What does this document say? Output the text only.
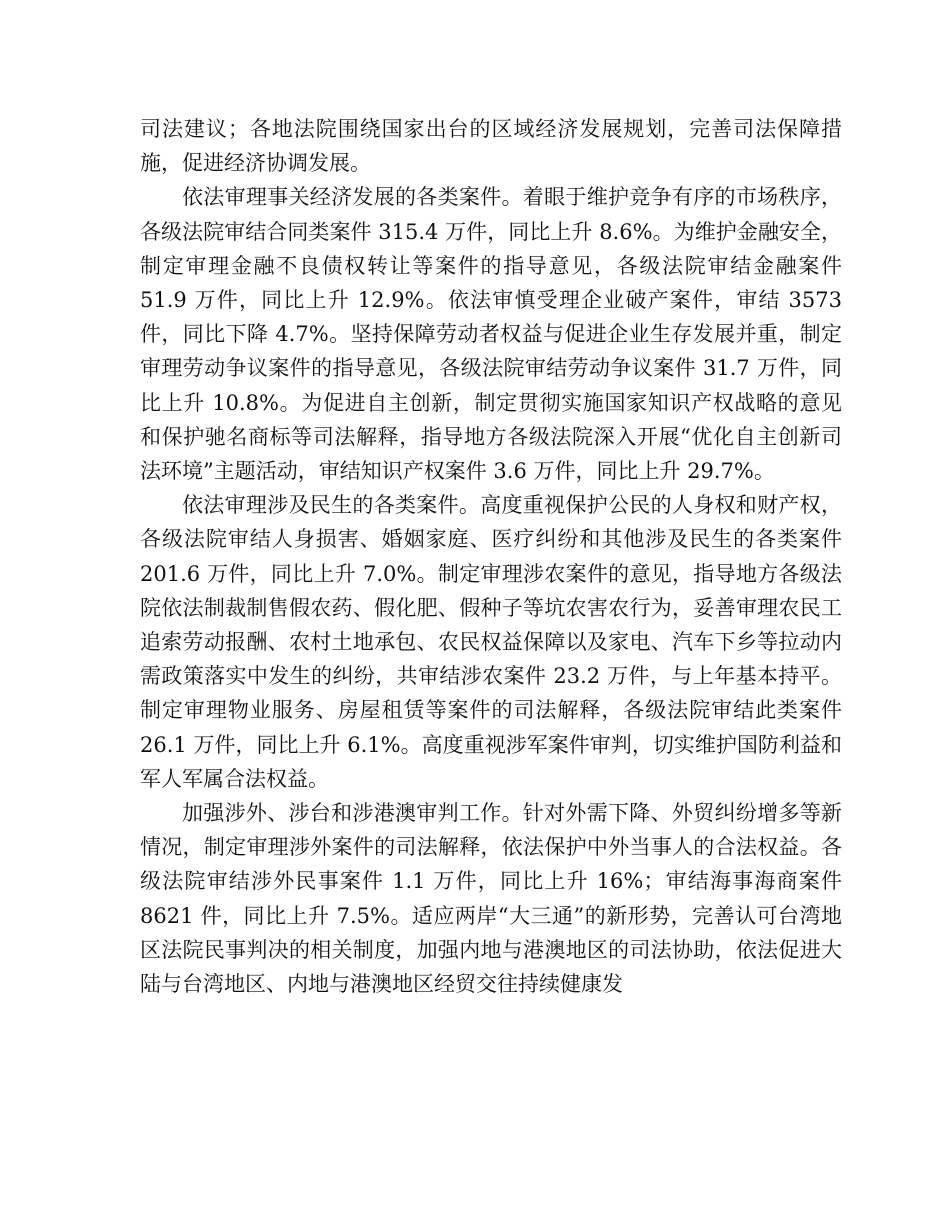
司法建议；各地法院围绕国家出台的区域经济发展规划，完善司法保障措施，促进经济协调发展。

依法审理事关经济发展的各类案件。着眼于维护竞争有序的市场秩序，各级法院审结合同类案件 315.4 万件，同比上升 8.6%。为维护金融安全，制定审理金融不良债权转让等案件的指导意见，各级法院审结金融案件 51.9 万件，同比上升 12.9%。依法审慎受理企业破产案件，审结 3573 件，同比下降 4.7%。坚持保障劳动者权益与促进企业生存发展并重，制定审理劳动争议案件的指导意见，各级法院审结劳动争议案件 31.7 万件，同比上升 10.8%。为促进自主创新，制定贯彻实施国家知识产权战略的意见和保护驰名商标等司法解释，指导地方各级法院深入开展“优化自主创新司法环境”主题活动，审结知识产权案件 3.6 万件，同比上升 29.7%。

依法审理涉及民生的各类案件。高度重视保护公民的人身权和财产权，各级法院审结人身损害、婚姻家庭、医疗纠纷和其他涉及民生的各类案件 201.6 万件，同比上升 7.0%。制定审理涉农案件的意见，指导地方各级法院依法制裁制售假农药、假化肥、假种子等坑农害农行为，妥善审理农民工追索劳动报酬、农村土地承包、农民权益保障以及家电、汽车下乡等拉动内需政策落实中发生的纠纷，共审结涉农案件 23.2 万件，与上年基本持平。制定审理物业服务、房屋租赁等案件的司法解释，各级法院审结此类案件 26.1 万件，同比上升 6.1%。高度重视涉军案件审判，切实维护国防利益和军人军属合法权益。

加强涉外、涉台和涉港澳审判工作。针对外需下降、外贸纠纷增多等新情况，制定审理涉外案件的司法解释，依法保护中外当事人的合法权益。各级法院审结涉外民事案件 1.1 万件，同比上升 16%；审结海事海商案件 8621 件，同比上升 7.5%。适应两岸“大三通”的新形势，完善认可台湾地区法院民事判决的相关制度，加强内地与港澳地区的司法协助，依法促进大陆与台湾地区、内地与港澳地区经贸交往持续健康发
